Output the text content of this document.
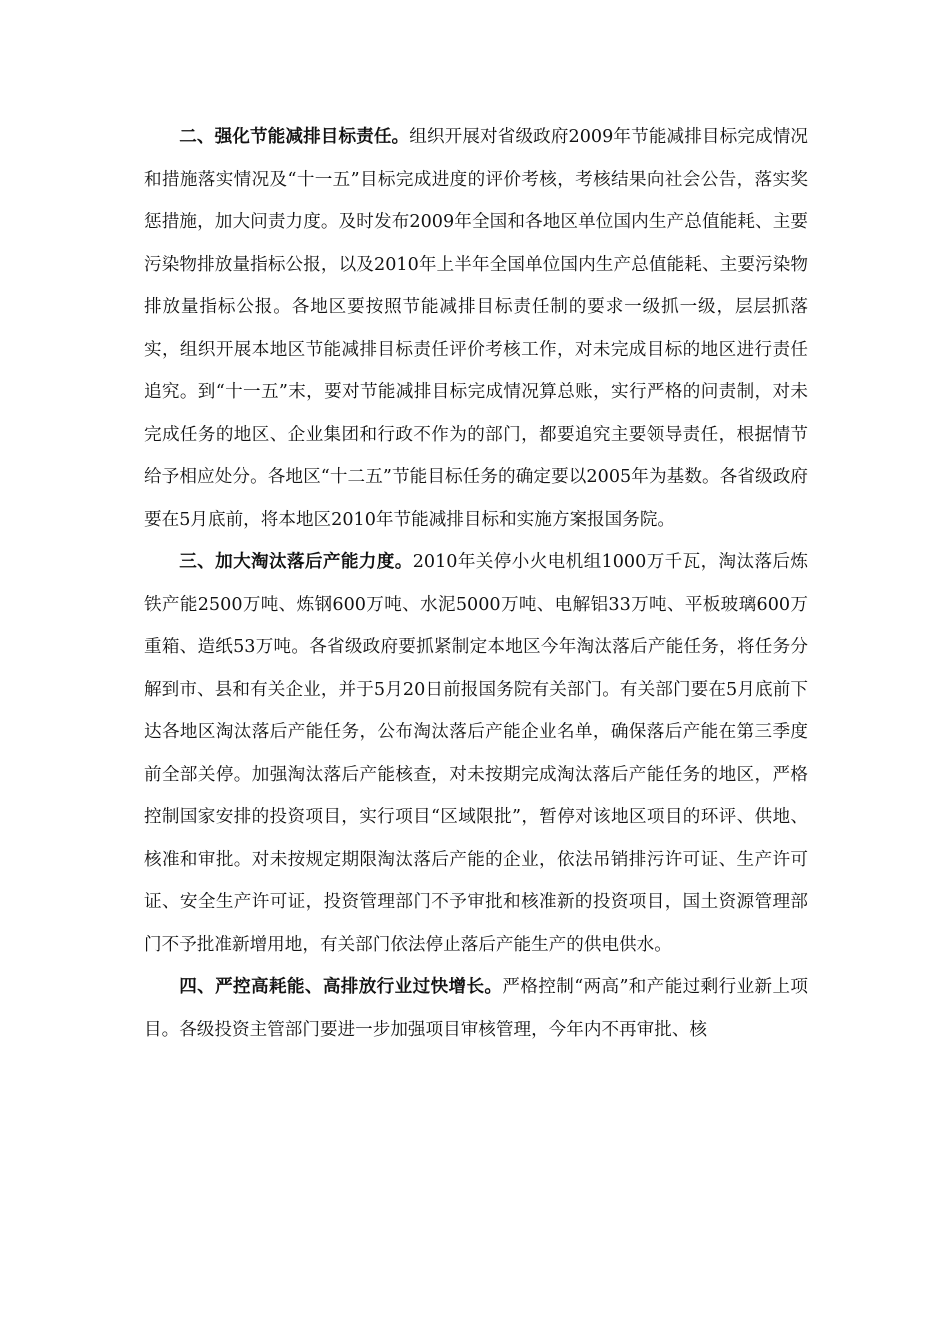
二、强化节能减排目标责任。组织开展对省级政府2009年节能减排目标完成情况和措施落实情况及“十一五”目标完成进度的评价考核，考核结果向社会公告，落实奖惩措施，加大问责力度。及时发布2009年全国和各地区单位国内生产总值能耗、主要污染物排放量指标公报，以及2010年上半年全国单位国内生产总值能耗、主要污染物排放量指标公报。各地区要按照节能减排目标责任制的要求一级抓一级，层层抓落实，组织开展本地区节能减排目标责任评价考核工作，对未完成目标的地区进行责任追究。到“十一五”末，要对节能减排目标完成情况算总账，实行严格的问责制，对未完成任务的地区、企业集团和行政不作为的部门，都要追究主要领导责任，根据情节给予相应处分。各地区“十二五”节能目标任务的确定要以2005年为基数。各省级政府要在5月底前，将本地区2010年节能减排目标和实施方案报国务院。

三、加大淘汰落后产能力度。2010年关停小火电机组1000万千瓦，淘汰落后炼铁产能2500万吨、炼钢600万吨、水泥5000万吨、电解铝33万吨、平板玻璃600万重箱、造纸53万吨。各省级政府要抓紧制定本地区今年淘汰落后产能任务，将任务分解到市、县和有关企业，并于5月20日前报国务院有关部门。有关部门要在5月底前下达各地区淘汰落后产能任务，公布淘汰落后产能企业名单，确保落后产能在第三季度前全部关停。加强淘汰落后产能核查，对未按期完成淘汰落后产能任务的地区，严格控制国家安排的投资项目，实行项目“区域限批”，暂停对该地区项目的环评、供地、核准和审批。对未按规定期限淘汰落后产能的企业，依法吊销排污许可证、生产许可证、安全生产许可证，投资管理部门不予审批和核准新的投资项目，国土资源管理部门不予批准新增用地，有关部门依法停止落后产能生产的供电供水。

四、严控高耗能、高排放行业过快增长。严格控制“两高”和产能过剩行业新上项目。各级投资主管部门要进一步加强项目审核管理，今年内不再审批、核
